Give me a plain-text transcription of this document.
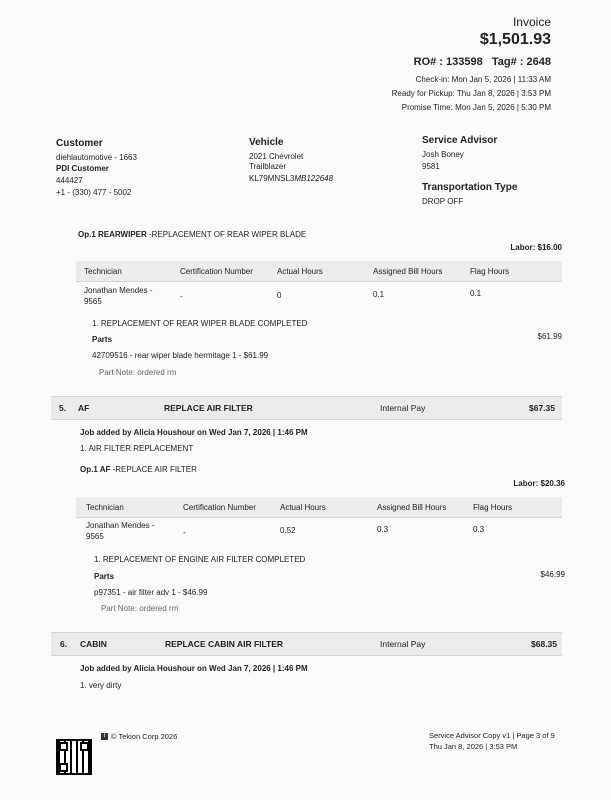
Invoice
$1,501.93
RO# : 133598   Tag# : 2648
Check-in: Mon Jan 5, 2026 | 11:33 AM
Ready for Pickup: Thu Jan 8, 2026 | 3:53 PM
Promise Time: Mon Jan 5, 2026 | 5:30 PM
Customer
diehlautomotive - 1663
PDI Customer
444427
+1 - (330) 477 - 5002
Vehicle
2021 Chevrolet
Trailblazer
KL79MNSL3MB122648
Service Advisor
Josh Boney
9581
Transportation Type
DROP OFF
Op.1 REARWIPER -REPLACEMENT OF REAR WIPER BLADE
Labor: $16.00
Technician	Certification Number	Actual Hours	Assigned Bill Hours	Flag Hours
Jonathan Mendes -
9565
-	0	0.1	0.1
1. REPLACEMENT OF REAR WIPER BLADE COMPLETED
Parts	$61.99
42709516 - rear wiper blade hermitage 1 - $61.99
Part Note: ordered rm
5. AF	REPLACE AIR FILTER	Internal Pay	$67.35
Job added by Alicia Houshour on Wed Jan 7, 2026 | 1:46 PM
1. AIR FILTER REPLACEMENT
Op.1 AF -REPLACE AIR FILTER
Labor: $20.36
Technician	Certification Number	Actual Hours	Assigned Bill Hours	Flag Hours
Jonathan Mendes -
9565	-	0.52	0.3	0.3
1. REPLACEMENT OF ENGINE AIR FILTER COMPLETED
Parts	$46.99
p97351 - air filter adv 1 - $46.99
Part Note: ordered rm
6. CABIN	REPLACE CABIN AIR FILTER	Internal Pay	$68.35
Job added by Alicia Houshour on Wed Jan 7, 2026 | 1:46 PM
1. very dirty
T © Tekion Corp 2026	Service Advisor Copy v1 | Page 3 of 9
Thu Jan 8, 2026 | 3:53 PM
